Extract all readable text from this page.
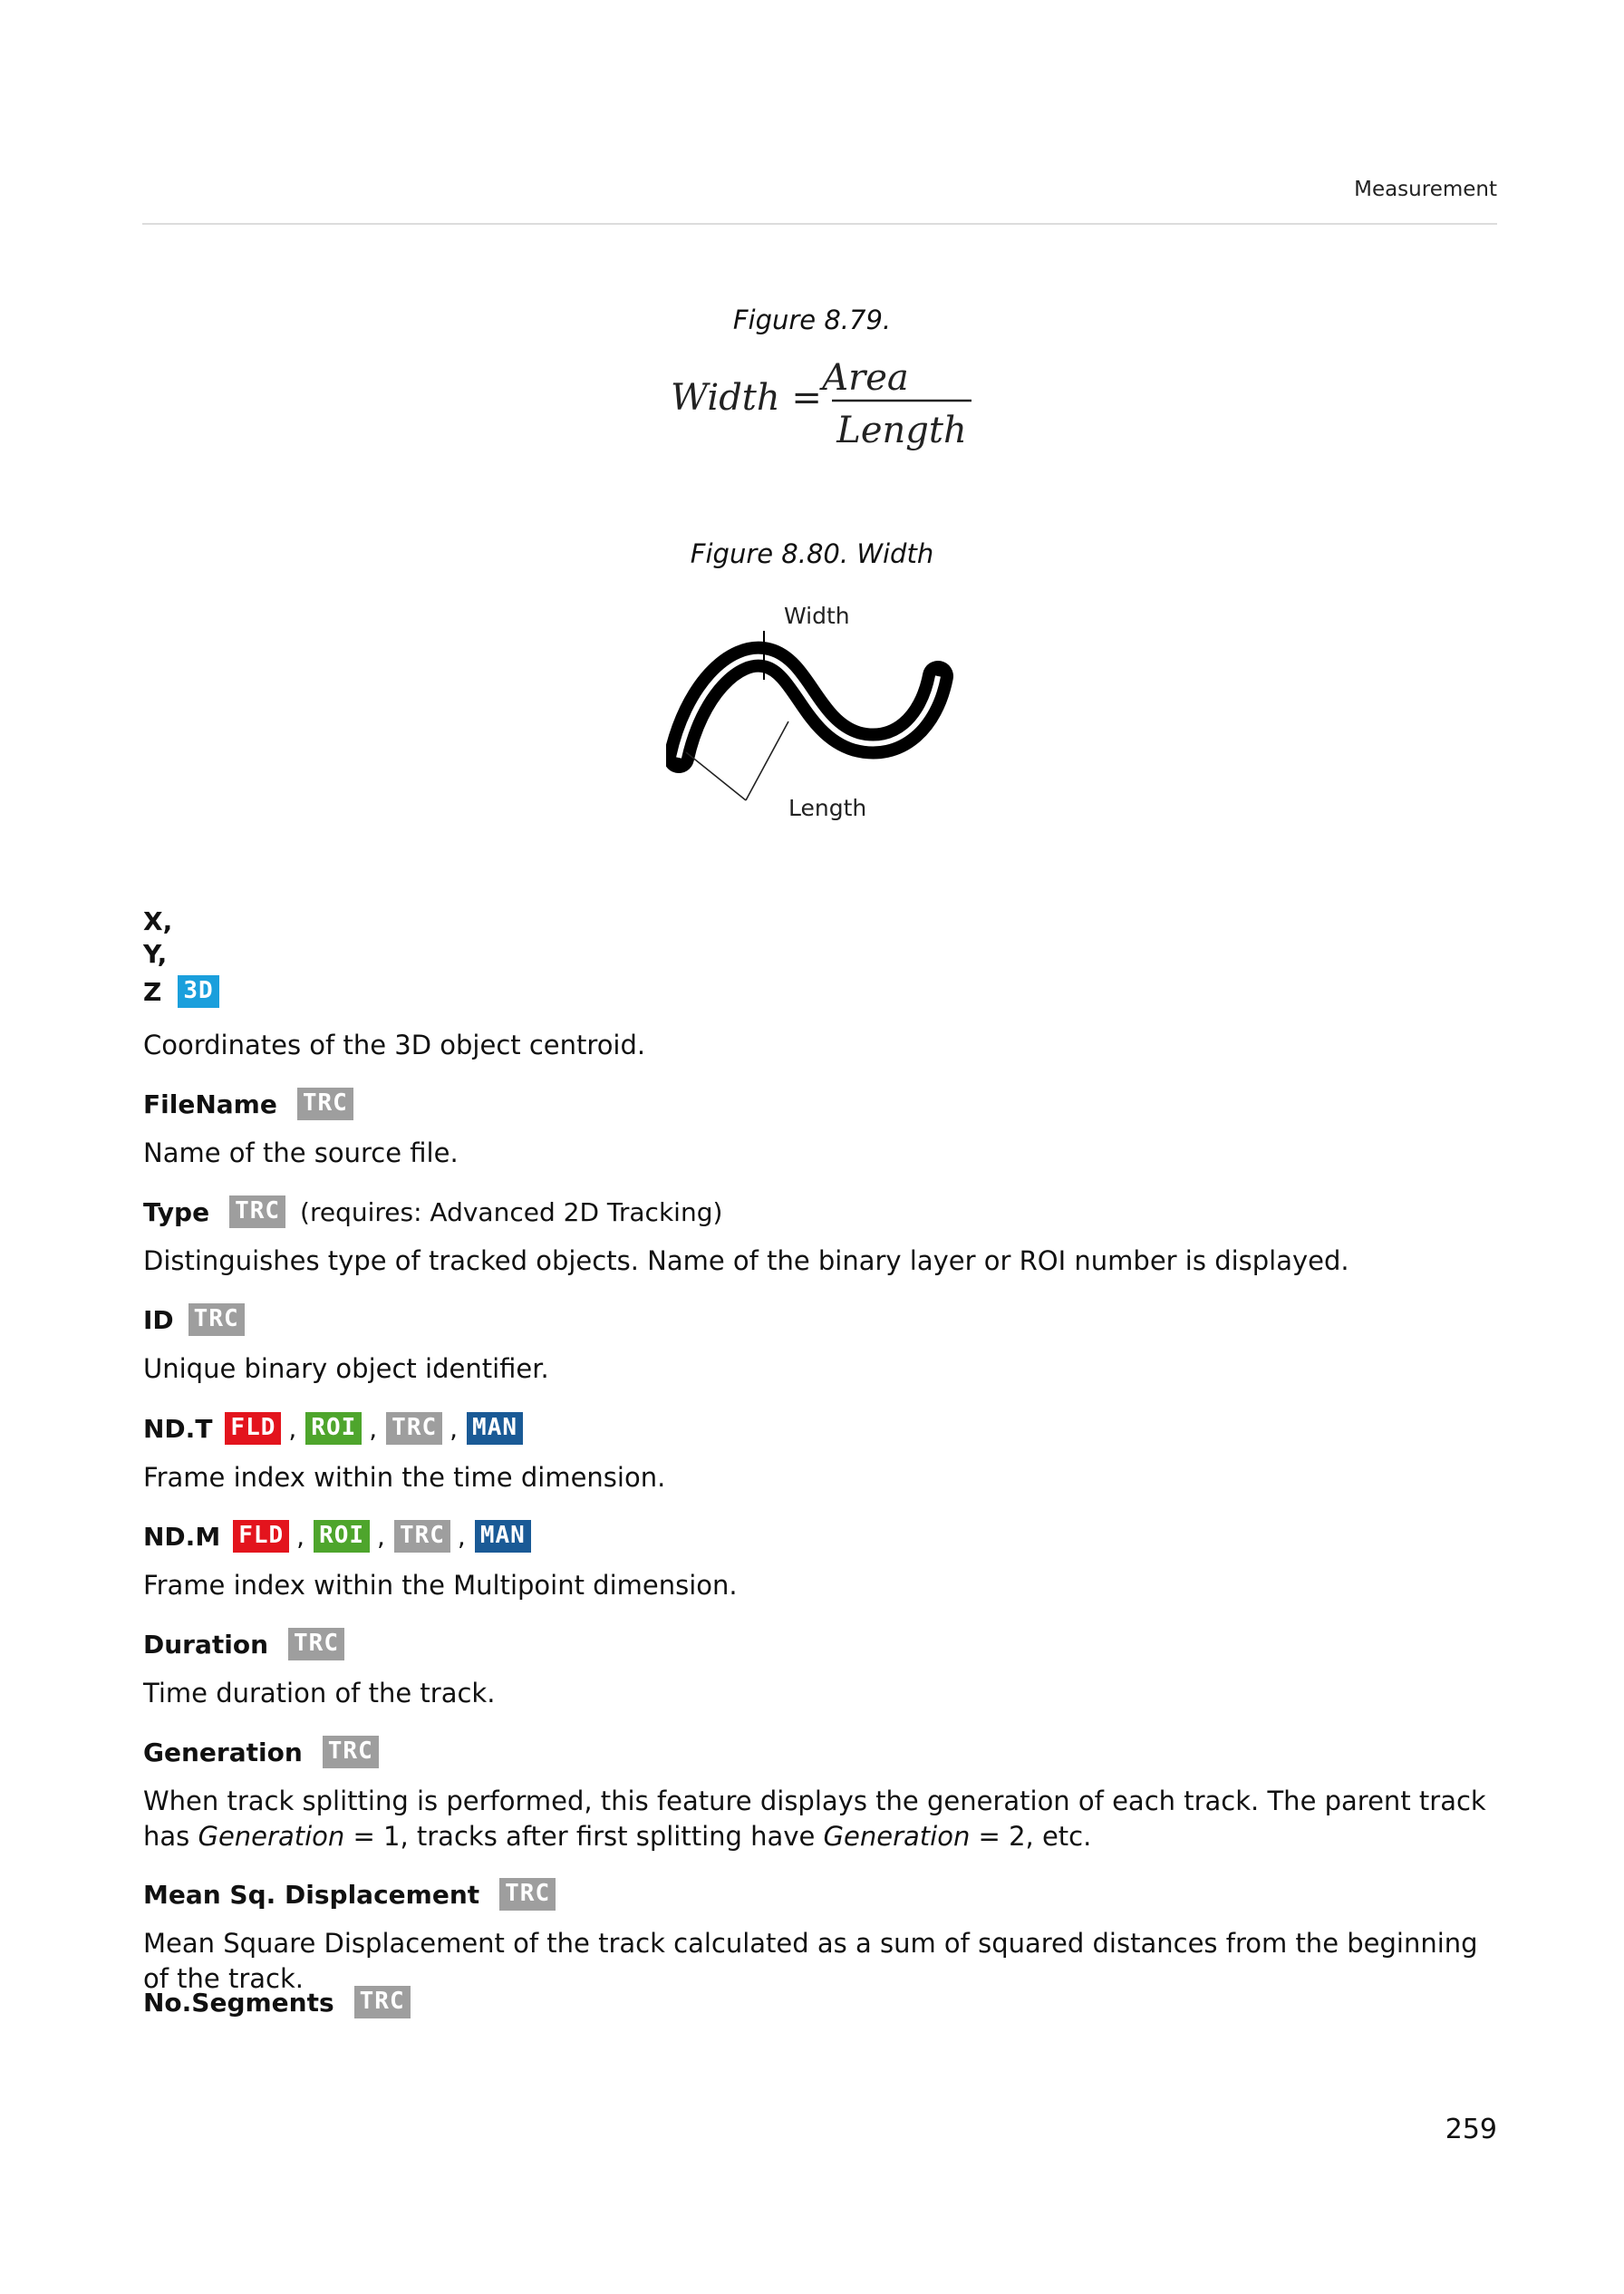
Measurement
Figure 8.79.
Width = Area
Length
Figure 8.80. Width
Width
Length
X,
Y,
Z 3D
Coordinates of the 3D object centroid.
FileName TRC
Name of the source file.
Type TRC (requires: Advanced 2D Tracking)
Distinguishes type of tracked objects. Name of the binary layer or ROI number is displayed.
ID TRC
Unique binary object identifier.
ND.T FLD , ROI , TRC , MAN
Frame index within the time dimension.
ND.M FLD , ROI , TRC , MAN
Frame index within the Multipoint dimension.
Duration TRC
Time duration of the track.
Generation TRC
When track splitting is performed, this feature displays the generation of each track. The parent track has Generation = 1, tracks after first splitting have Generation = 2, etc.
Mean Sq. Displacement TRC
Mean Square Displacement of the track calculated as a sum of squared distances from the beginning of the track.
No.Segments TRC
259
